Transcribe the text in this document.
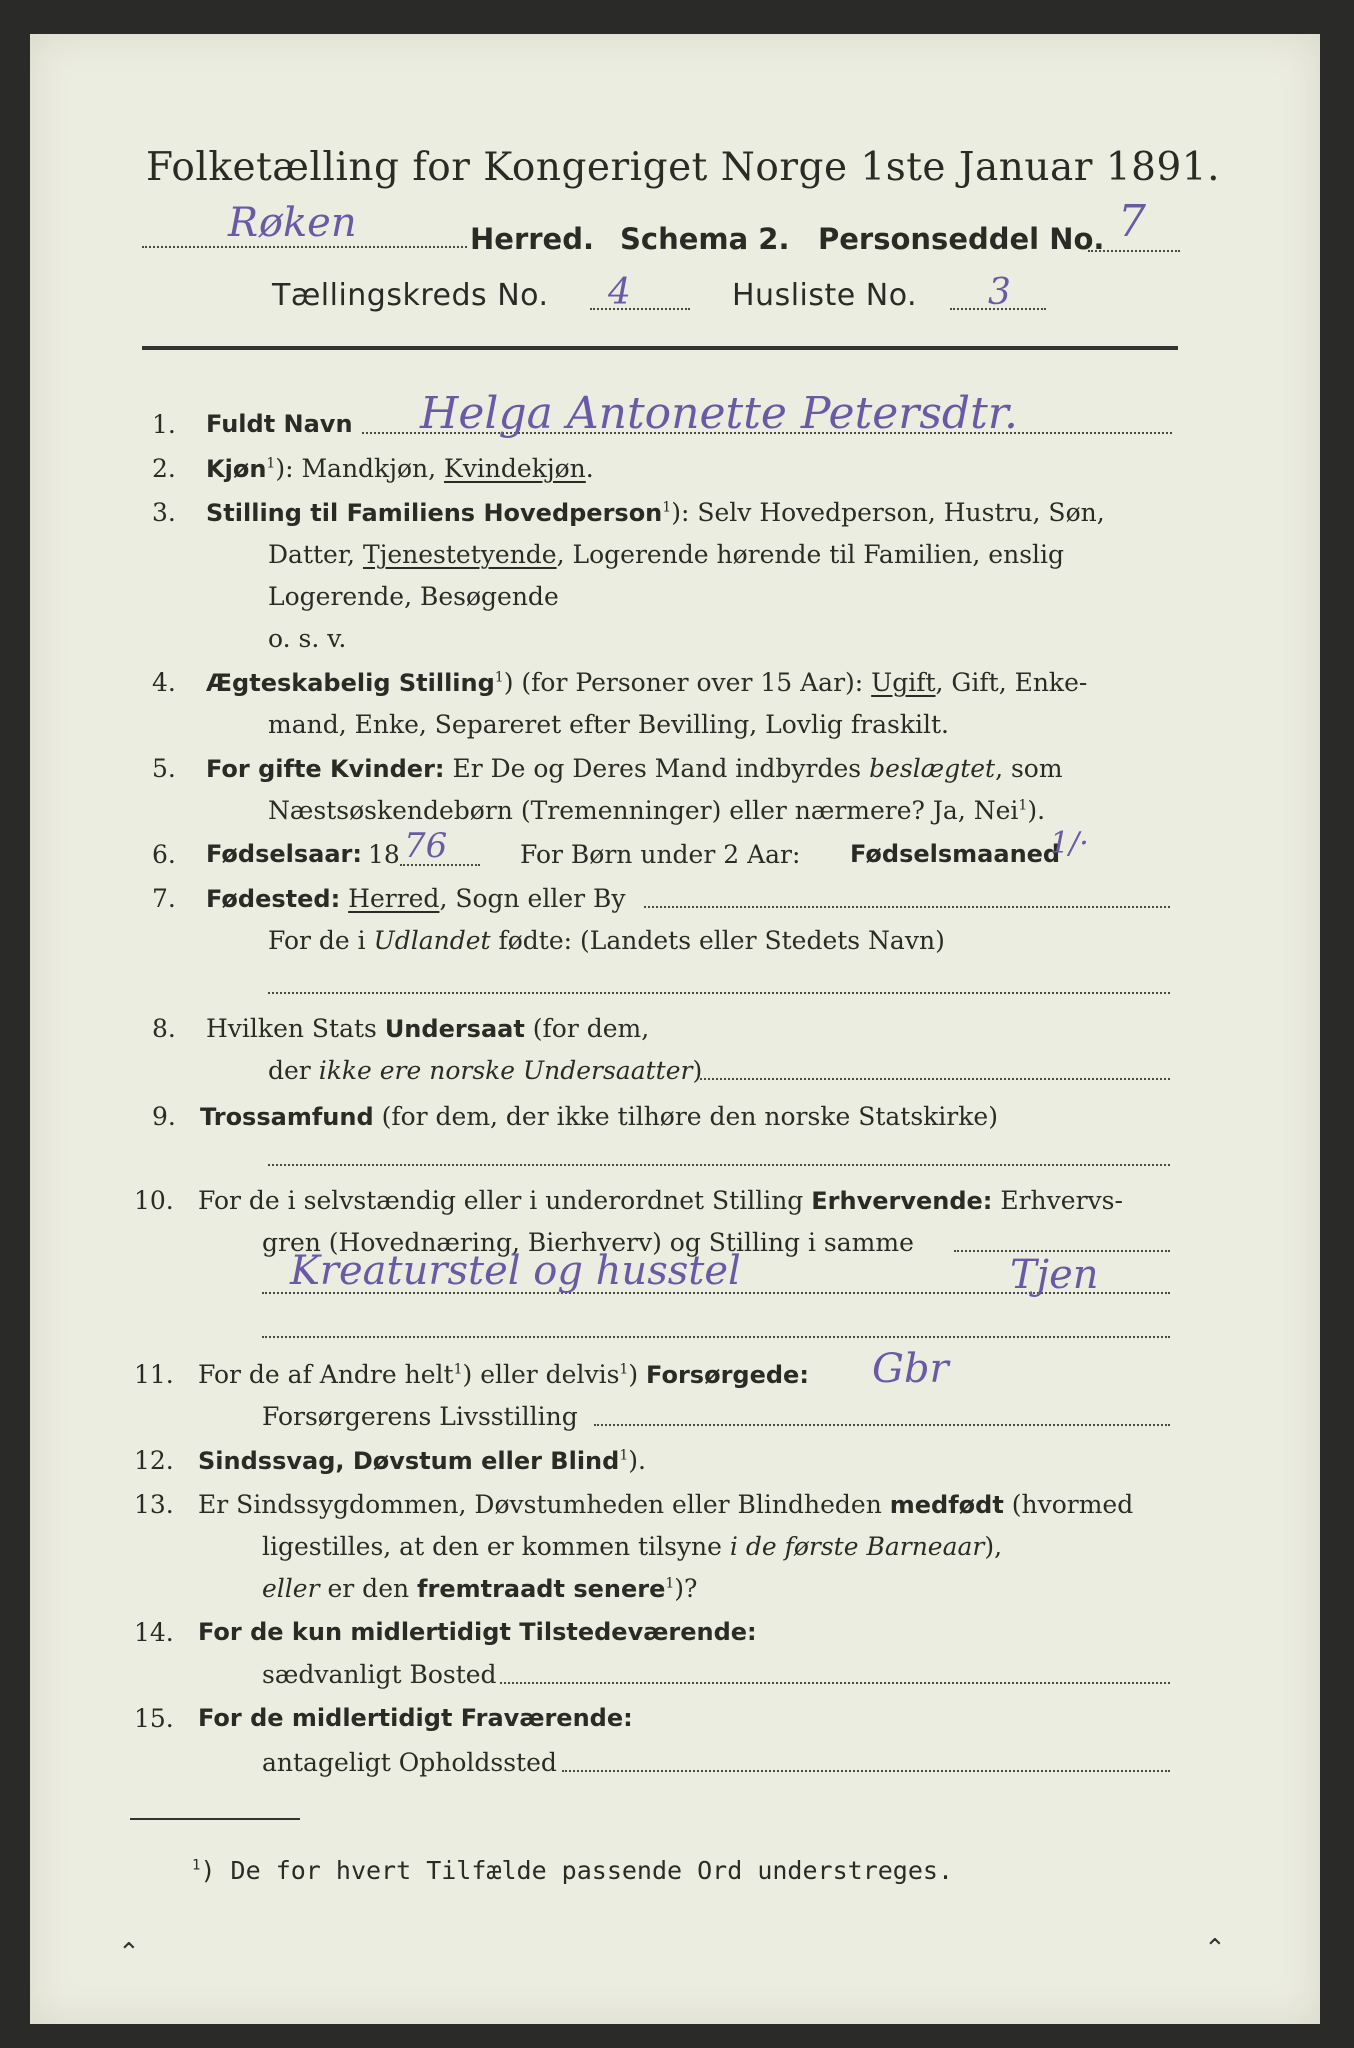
Folketælling for Kongeriget Norge 1ste Januar 1891.
Røken	Herred. Schema 2. Personseddel No. 7
Tællingskreds No. 4	Husliste No. 3
1. Fuldt Navn Helga Antonette Petersdtr.
2. Kjøn$^1$): Mandkjøn, Kvindekjøn.
3. Stilling til Familiens Hovedperson$^1$): Selv Hovedperson, Hustru, Søn,
Datter, Tjenestetyende, Logerende hørende til Familien, enslig
Logerende, Besøgende
o. s. v.
4. Ægteskabelig Stilling$^1$) (for Personer over 15 Aar): Ugift, Gift, Enke-
mand, Enke, Separeret efter Bevilling, Lovlig fraskilt.
5. For gifte Kvinder: Er De og Deres Mand indbyrdes beslægtet, som
Næstsøskendebørn (Tremenninger) eller nærmere? Ja, Nei$^1$).
6. Fødselsaar: 18 76	For Børn under 2 Aar: Fødselsmaaned
1/·
7. Fødested: Herred, Sogn eller By
For de i Udlandet fødte: (Landets eller Stedets Navn)
8. Hvilken Stats Undersaat (for dem,
der ikke ere norske Undersaatter)
9. Trossamfund (for dem, der ikke tilhøre den norske Statskirke)
10. For de i selvstændig eller i underordnet Stilling Erhvervende: Erhvervs-
gren (Hovednæring, Bierhverv) og Stilling i samme
Kreaturstel og husstel	Tjen
11. For de af Andre helt$^1$) eller delvis$^1$) Forsørgede: Gbr
Forsørgerens Livsstilling
12. Sindssvag, Døvstum eller Blind$^1$).
13. Er Sindssygdommen, Døvstumheden eller Blindheden medfødt (hvormed
ligestilles, at den er kommen tilsyne i de første Barneaar),
eller er den fremtraadt senere$^1$)?
14. For de kun midlertidigt Tilstedeværende:
sædvanligt Bosted
15. For de midlertidigt Fraværende:
antageligt Opholdssted
$^1$) De for hvert Tilfælde passende Ord understreges.
⌃	⌃
